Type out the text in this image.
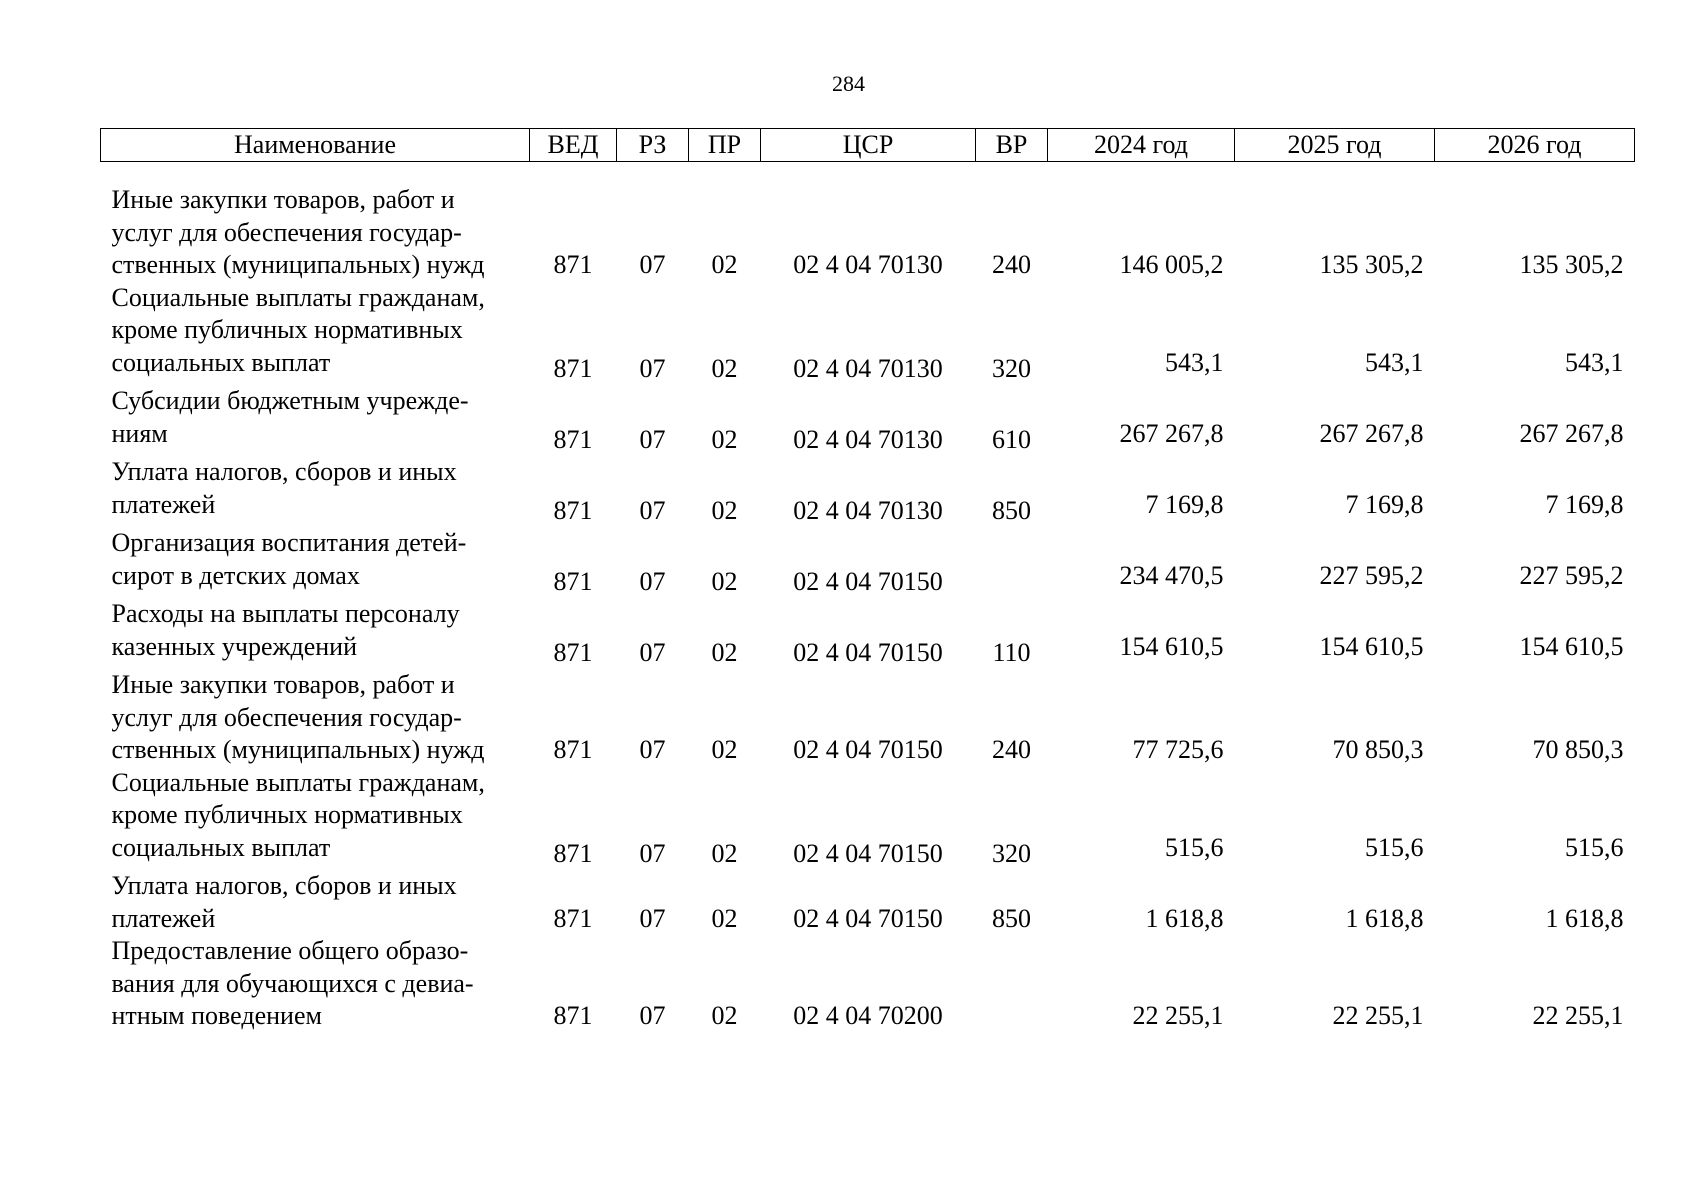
284
Наименование	ВЕД	РЗ	ПР	ЦСР	ВР	2024 год	2025 год	2026 год

Иные закупки товаров, работ и
услуг для обеспечения государ-
ственных (муниципальных) нужд	871	07	02	02 4 04 70130	240	146 005,2	135 305,2	135 305,2

Социальные выплаты гражданам,
кроме публичных нормативных
социальных выплат	871	07	02	02 4 04 70130	320	543,1	543,1	543,1

Субсидии бюджетным учрежде-
ниям	871	07	02	02 4 04 70130	610	267 267,8	267 267,8	267 267,8

Уплата налогов, сборов и иных
платежей	871	07	02	02 4 04 70130	850	7 169,8	7 169,8	7 169,8

Организация воспитания детей-
сирот в детских домах	871	07	02	02 4 04 70150		234 470,5	227 595,2	227 595,2

Расходы на выплаты персоналу
казенных учреждений	871	07	02	02 4 04 70150	110	154 610,5	154 610,5	154 610,5

Иные закупки товаров, работ и
услуг для обеспечения государ-
ственных (муниципальных) нужд	871	07	02	02 4 04 70150	240	77 725,6	70 850,3	70 850,3

Социальные выплаты гражданам,
кроме публичных нормативных
социальных выплат	871	07	02	02 4 04 70150	320	515,6	515,6	515,6

Уплата налогов, сборов и иных
платежей	871	07	02	02 4 04 70150	850	1 618,8	1 618,8	1 618,8

Предоставление общего образо-
вания для обучающихся с девиа-
нтным поведением	871	07	02	02 4 04 70200		22 255,1	22 255,1	22 255,1
